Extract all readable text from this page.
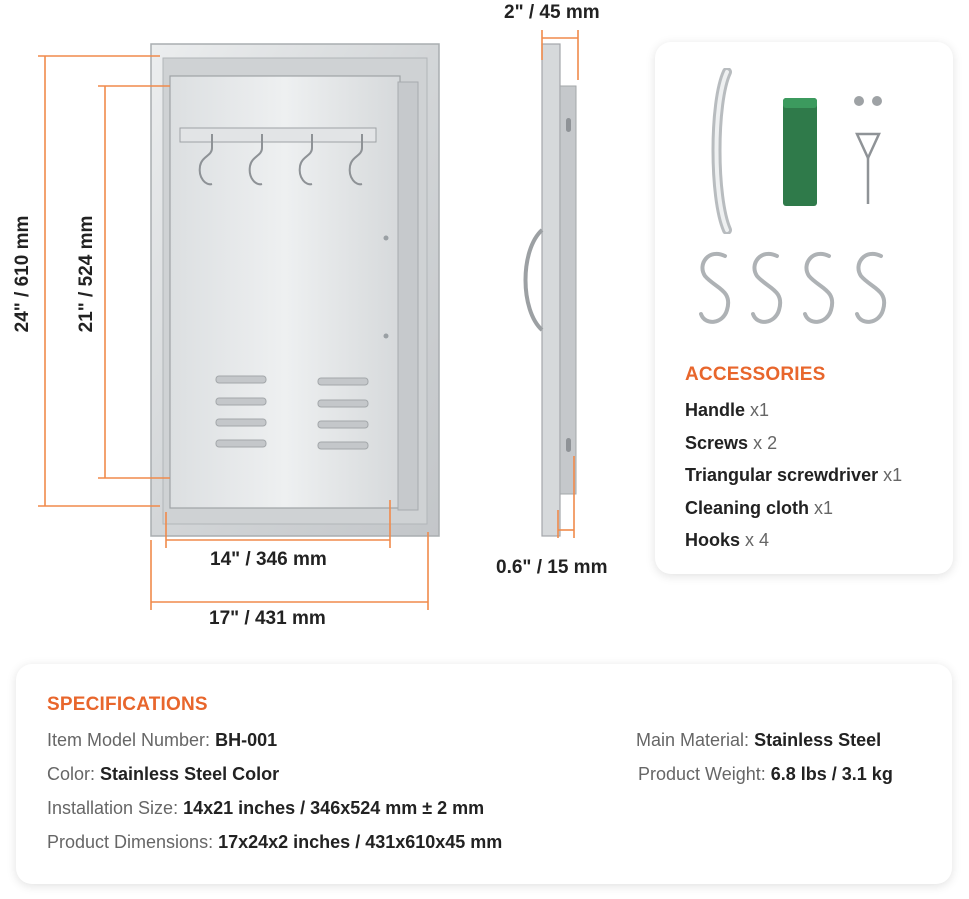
24" / 610 mm 21" / 524 mm
14" / 346 mm
17" / 431 mm
2" / 45 mm
0.6" / 15 mm
ACCESSORIES
Handle x1
Screws x 2
Triangular screwdriver x1
Cleaning cloth x1
Hooks x 4
SPECIFICATIONS
Item Model Number: BH-001
Color: Stainless Steel Color
Installation Size: 14x21 inches / 346x524 mm ± 2 mm
Product Dimensions: 17x24x2 inches / 431x610x45 mm
Main Material: Stainless Steel
Product Weight: 6.8 lbs / 3.1 kg
